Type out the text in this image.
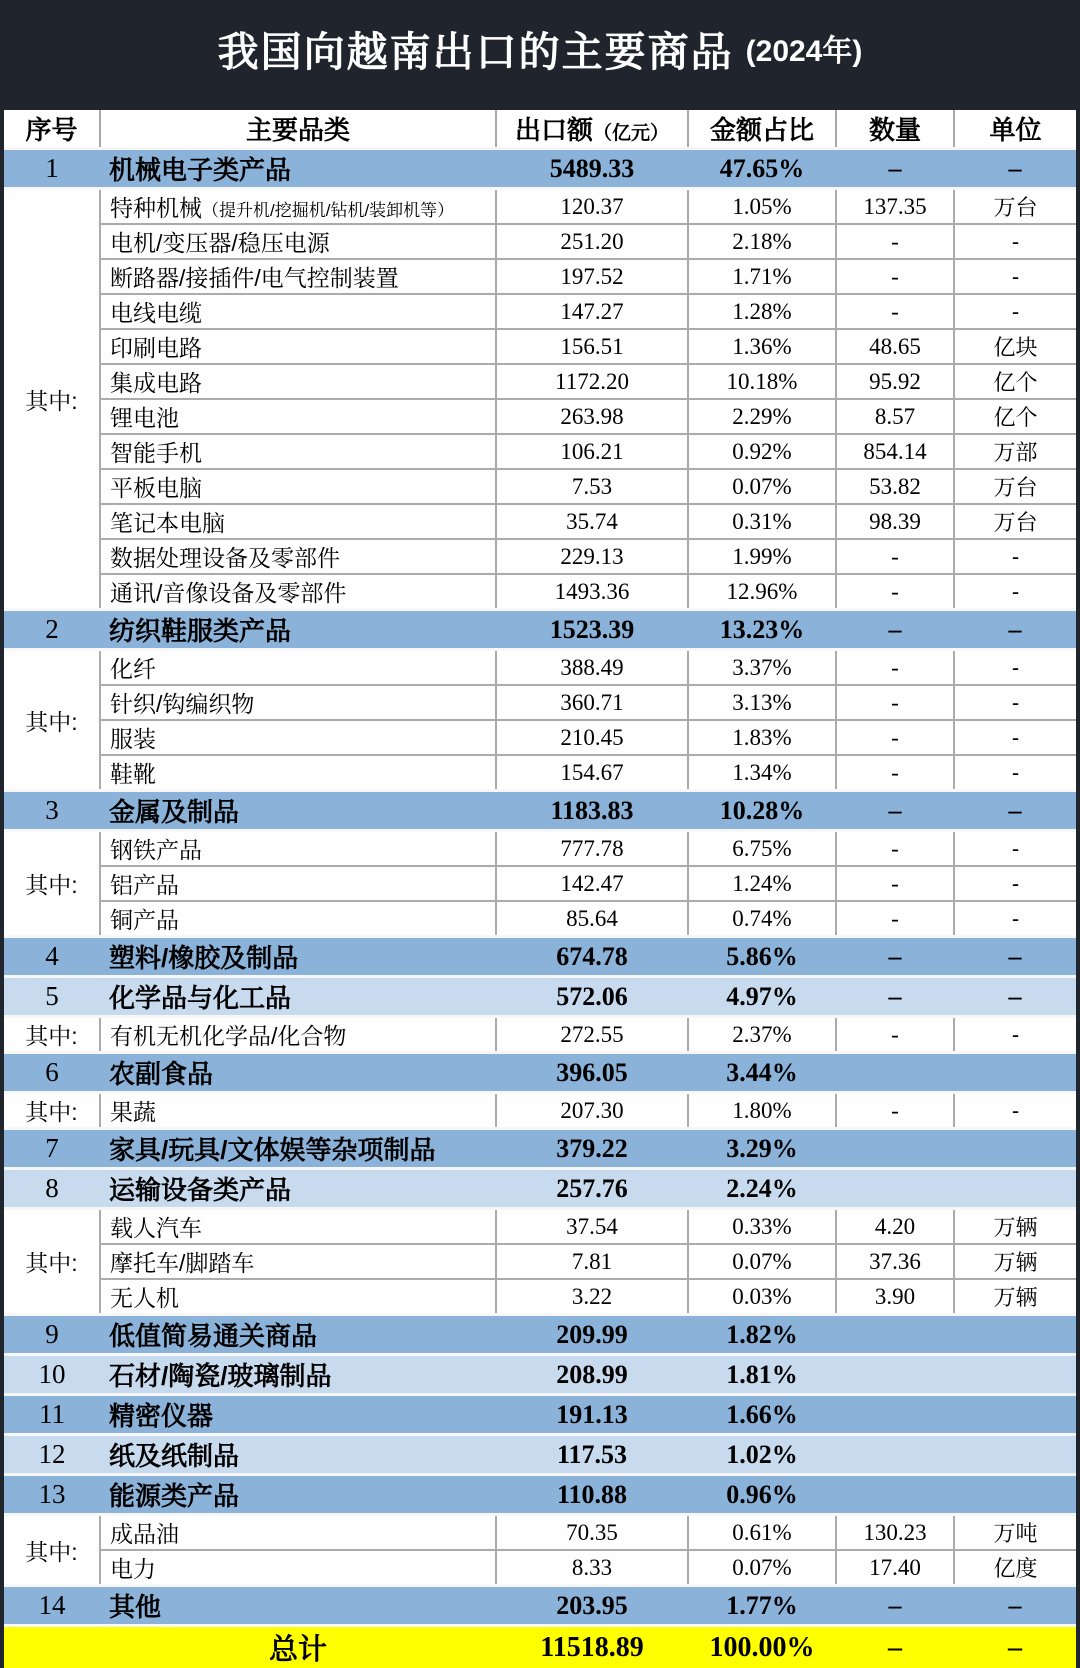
我国向越南出口的主要商品 (2024年)
序号	主要品类	出口额（亿元）	金额占比	数量	单位
1	机械电子类产品	5489.33	47.65%	–	–
其中:	特种机械（提升机/挖掘机/钻机/装卸机等）	120.37	1.05%	137.35	万台
	电机/变压器/稳压电源	251.20	2.18%	-	-
	断路器/接插件/电气控制装置	197.52	1.71%	-	-
	电线电缆	147.27	1.28%	-	-
	印刷电路	156.51	1.36%	48.65	亿块
	集成电路	1172.20	10.18%	95.92	亿个
	锂电池	263.98	2.29%	8.57	亿个
	智能手机	106.21	0.92%	854.14	万部
	平板电脑	7.53	0.07%	53.82	万台
	笔记本电脑	35.74	0.31%	98.39	万台
	数据处理设备及零部件	229.13	1.99%	-	-
	通讯/音像设备及零部件	1493.36	12.96%	-	-
2	纺织鞋服类产品	1523.39	13.23%	–	–
其中:	化纤	388.49	3.37%	-	-
	针织/钩编织物	360.71	3.13%	-	-
	服装	210.45	1.83%	-	-
	鞋靴	154.67	1.34%	-	-
3	金属及制品	1183.83	10.28%	–	–
其中:	钢铁产品	777.78	6.75%	-	-
	铝产品	142.47	1.24%	-	-
	铜产品	85.64	0.74%	-	-
4	塑料/橡胶及制品	674.78	5.86%	–	–
5	化学品与化工品	572.06	4.97%	–	–
其中:	有机无机化学品/化合物	272.55	2.37%	-	-
6	农副食品	396.05	3.44%		
其中:	果蔬	207.30	1.80%	-	-
7	家具/玩具/文体娱等杂项制品	379.22	3.29%		
8	运输设备类产品	257.76	2.24%		
其中:	载人汽车	37.54	0.33%	4.20	万辆
	摩托车/脚踏车	7.81	0.07%	37.36	万辆
	无人机	3.22	0.03%	3.90	万辆
9	低值简易通关商品	209.99	1.82%		
10	石材/陶瓷/玻璃制品	208.99	1.81%		
11	精密仪器	191.13	1.66%		
12	纸及纸制品	117.53	1.02%		
13	能源类产品	110.88	0.96%		
其中:	成品油	70.35	0.61%	130.23	万吨
	电力	8.33	0.07%	17.40	亿度
14	其他	203.95	1.77%	–	–
	总计	11518.89	100.00%	–	–
